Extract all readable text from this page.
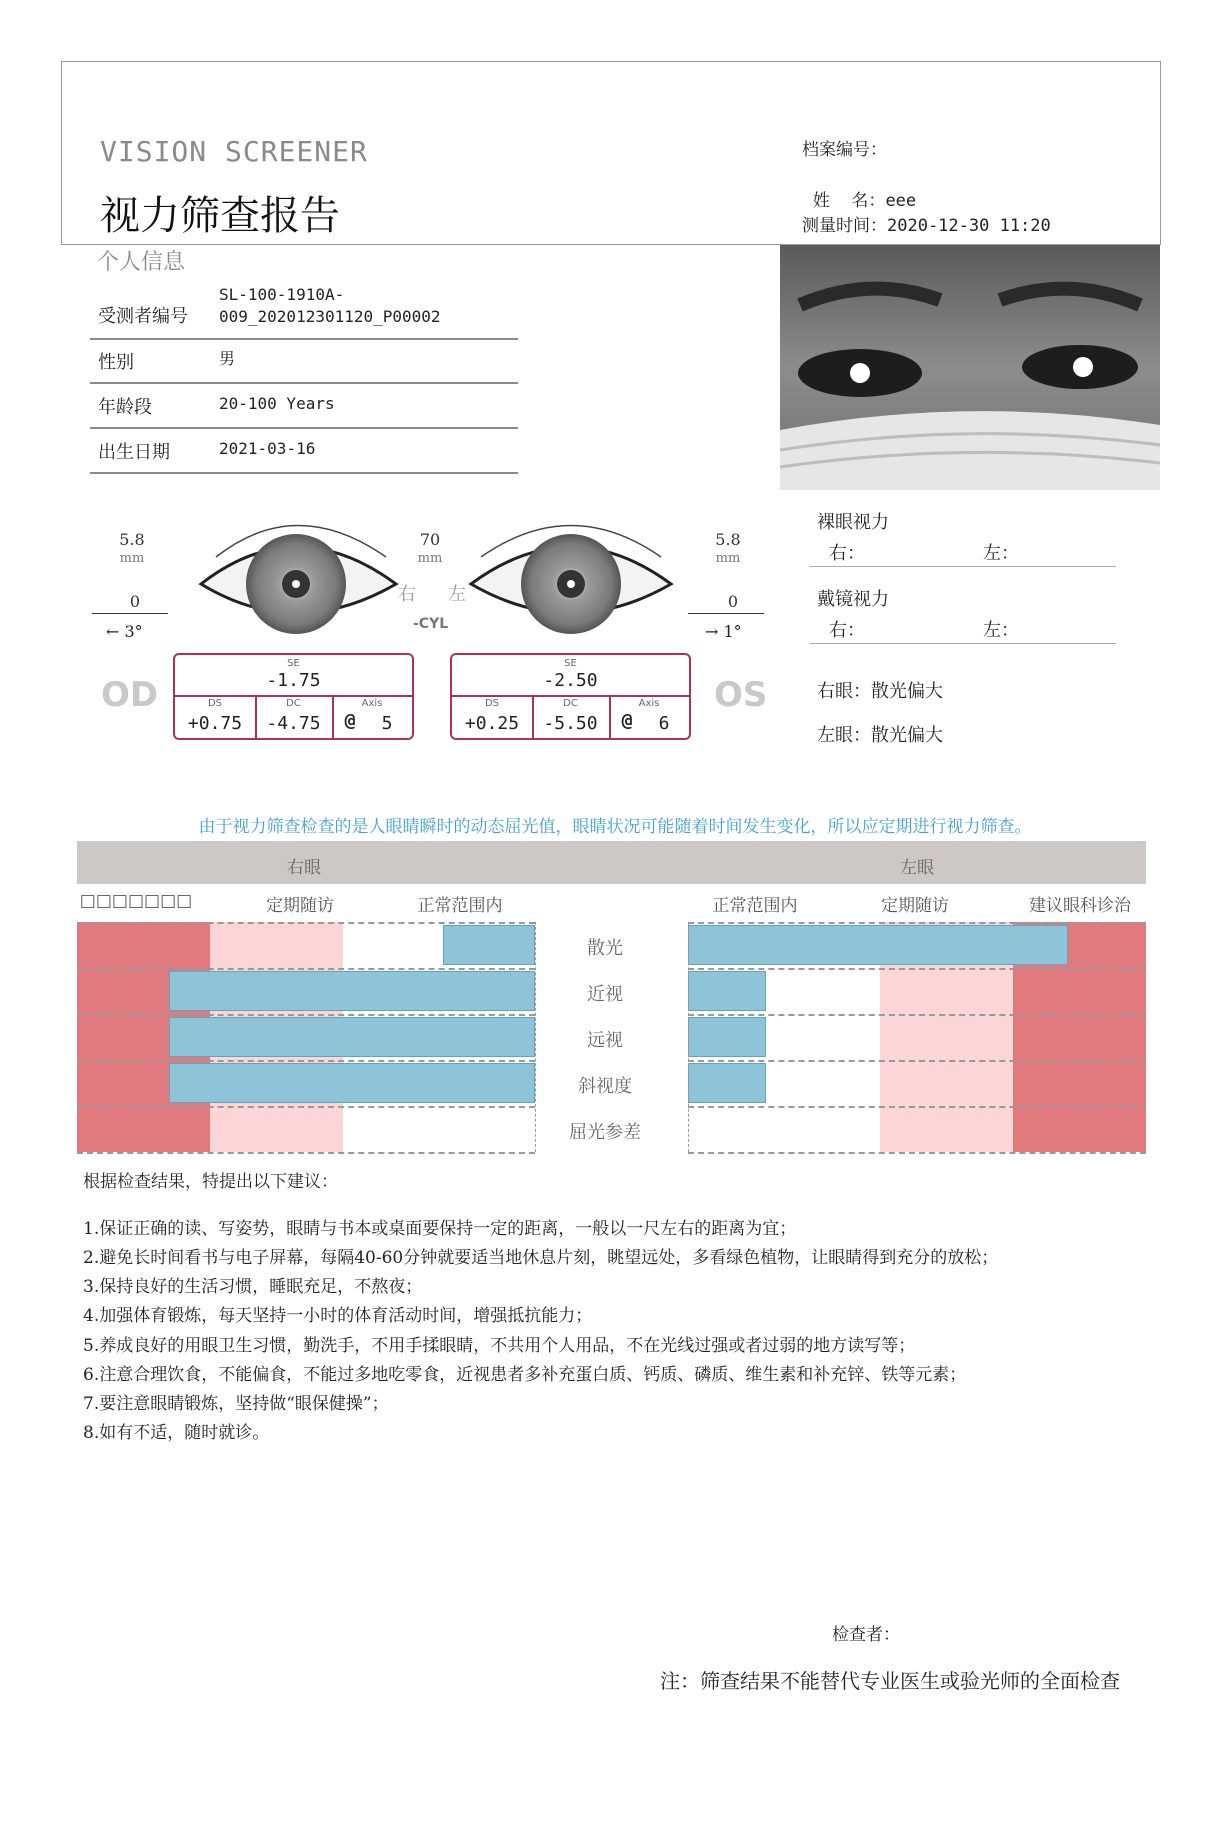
VISION SCREENER
视力筛查报告
档案编号：

姓    名：eee

测量时间：2020-12-30 11:20
个人信息
受测者编号
SL-100-1910A-
009_202012301120_P00002
性别	男
年龄段	20-100 Years
出生日期	2021-03-16
裸眼视力
右：	左：
戴镜视力
右：	左：
右眼：散光偏大
左眼：散光偏大
5.8
mm
0
← 3°
OD
70
mm
右 左
-CYL
5.8
mm
0
→ 1°
OS
SE
-1.75
DS
+0.75
DC
-4.75
Axis
@	5
SE
-2.50
DS
+0.25
DC
-5.50
Axis
@	6
由于视力筛查检查的是人眼睛瞬时的动态屈光值，眼睛状况可能随着时间发生变化，所以应定期进行视力筛查。
右眼	左眼
□□□□□□□	定期随访	正常范围内	正常范围内	定期随访	建议眼科诊治
散光
近视
远视
斜视度
屈光参差
根据检查结果，特提出以下建议：
1.保证正确的读、写姿势，眼睛与书本或桌面要保持一定的距离，一般以一尺左右的距离为宜；
2.避免长时间看书与电子屏幕，每隔40-60分钟就要适当地休息片刻，眺望远处，多看绿色植物，让眼睛得到充分的放松；
3.保持良好的生活习惯，睡眠充足，不熬夜；
4.加强体育锻炼，每天坚持一小时的体育活动时间，增强抵抗能力；
5.养成良好的用眼卫生习惯，勤洗手，不用手揉眼睛，不共用个人用品，不在光线过强或者过弱的地方读写等；
6.注意合理饮食，不能偏食，不能过多地吃零食，近视患者多补充蛋白质、钙质、磷质、维生素和补充锌、铁等元素；
7.要注意眼睛锻炼，坚持做“眼保健操”；
8.如有不适，随时就诊。
检查者：
注：筛查结果不能替代专业医生或验光师的全面检查
